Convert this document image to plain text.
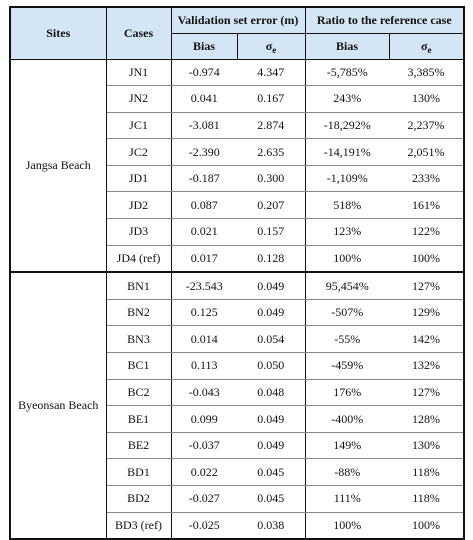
Sites	Cases	Validation set error (m)		Ratio to the reference case	
		Bias	$\sigma_e$	Bias	$\sigma_e$
Jangsa Beach	JN1	-0.974	4.347	-5,785%	3,385%
	JN2	0.041	0.167	243%	130%
	JC1	-3.081	2.874	-18,292%	2,237%
	JC2	-2.390	2.635	-14,191%	2,051%
	JD1	-0.187	0.300	-1,109%	233%
	JD2	0.087	0.207	518%	161%
	JD3	0.021	0.157	123%	122%
	JD4 (ref)	0.017	0.128	100%	100%
Byeonsan Beach	BN1	-23.543	0.049	95,454%	127%
	BN2	0.125	0.049	-507%	129%
	BN3	0.014	0.054	-55%	142%
	BC1	0.113	0.050	-459%	132%
	BC2	-0.043	0.048	176%	127%
	BE1	0.099	0.049	-400%	128%
	BE2	-0.037	0.049	149%	130%
	BD1	0.022	0.045	-88%	118%
	BD2	-0.027	0.045	111%	118%
	BD3 (ref)	-0.025	0.038	100%	100%
